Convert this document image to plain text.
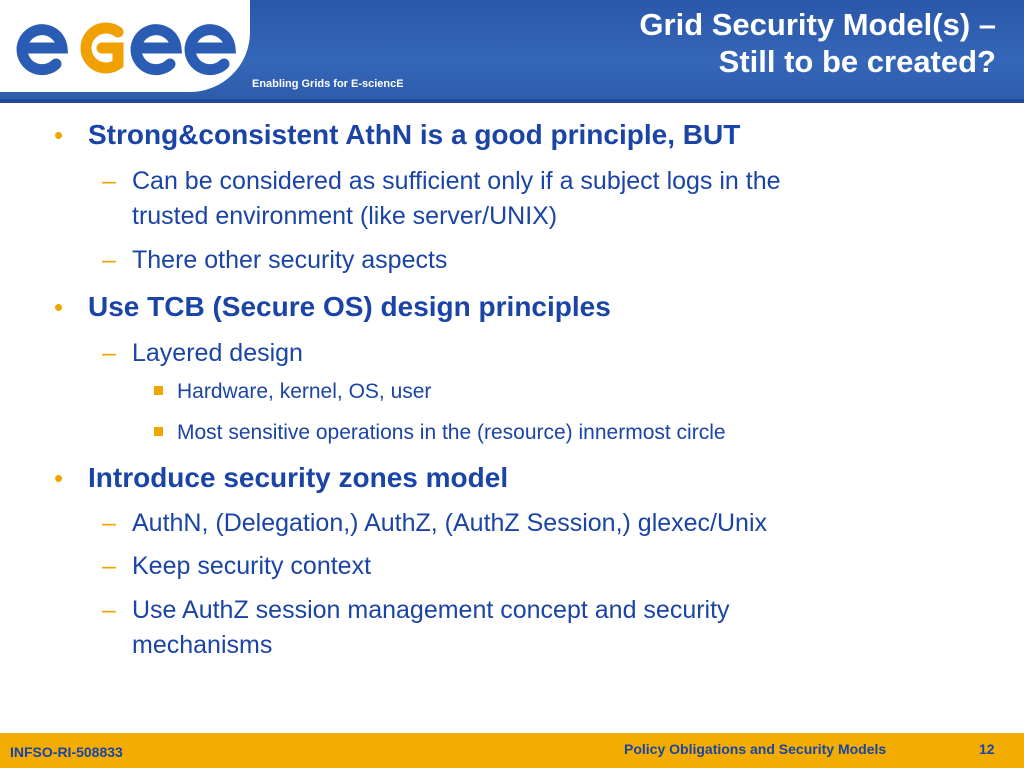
egee
Enabling Grids for E-sciencE
Grid Security Model(s) –
Still to be created?
• Strong&consistent AthN is a good principle, BUT
– Can be considered as sufficient only if a subject logs in the
trusted environment (like server/UNIX)
– There other security aspects
• Use TCB (Secure OS) design principles
– Layered design
Hardware, kernel, OS, user
Most sensitive operations in the (resource) innermost circle
• Introduce security zones model
– AuthN, (Delegation,) AuthZ, (AuthZ Session,) glexec/Unix
– Keep security context
– Use AuthZ session management concept and security
mechanisms
INFSO-RI-508833	Policy Obligations and Security Models	12
